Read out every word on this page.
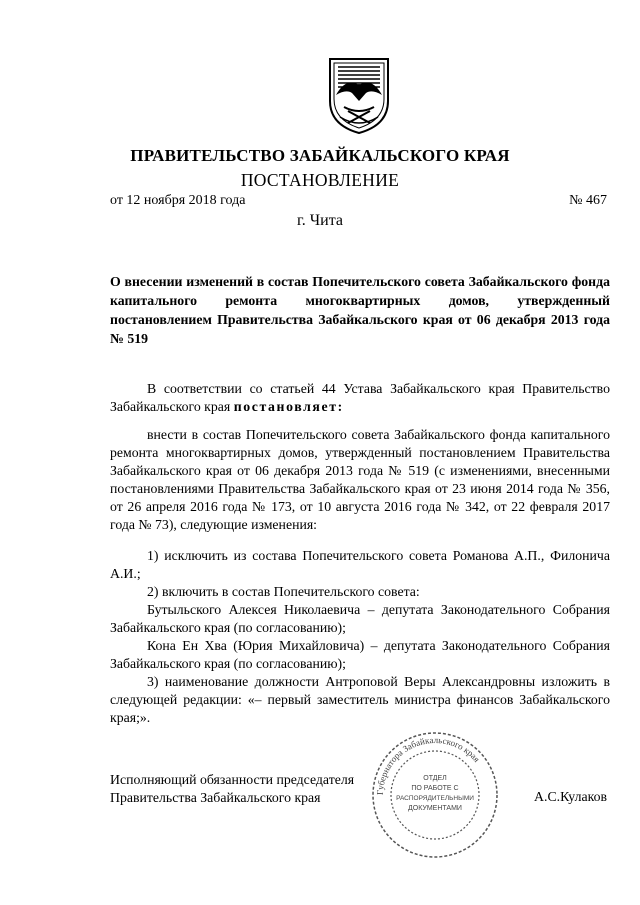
ПРАВИТЕЛЬСТВО ЗАБАЙКАЛЬСКОГО КРАЯ
ПОСТАНОВЛЕНИЕ
от 12 ноября 2018 года	№ 467
г. Чита
О внесении изменений в состав Попечительского совета Забайкальского фонда капитального ремонта многоквартирных домов, утвержденный постановлением Правительства Забайкальского края от 06 декабря 2013 года № 519
В соответствии со статьей 44 Устава Забайкальского края Правительство Забайкальского края постановляет:
внести в состав Попечительского совета Забайкальского фонда капитального ремонта многоквартирных домов, утвержденный постановлением Правительства Забайкальского края от 06 декабря 2013 года № 519 (с изменениями, внесенными постановлениями Правительства Забайкальского края от 23 июня 2014 года № 356, от 26 апреля 2016 года № 173, от 10 августа 2016 года № 342, от 22 февраля 2017 года № 73), следующие изменения:
1) исключить из состава Попечительского совета Романова А.П., Филонича А.И.;
2) включить в состав Попечительского совета:
Бутыльского Алексея Николаевича – депутата Законодательного Собрания Забайкальского края (по согласованию);
Кона Ен Хва (Юрия Михайловича) – депутата Законодательного Собрания Забайкальского края (по согласованию);
3) наименование должности Антроповой Веры Александровны изложить в следующей редакции: «– первый заместитель министра финансов Забайкальского края;».
Исполняющий обязанности председателя
Правительства Забайкальского края	А.С.Кулаков
Губернатора Забайкальского края
ОТДЕЛ
ПО РАБОТЕ С
РАСПОРЯДИТЕЛЬНЫМИ
ДОКУМЕНТАМИ
